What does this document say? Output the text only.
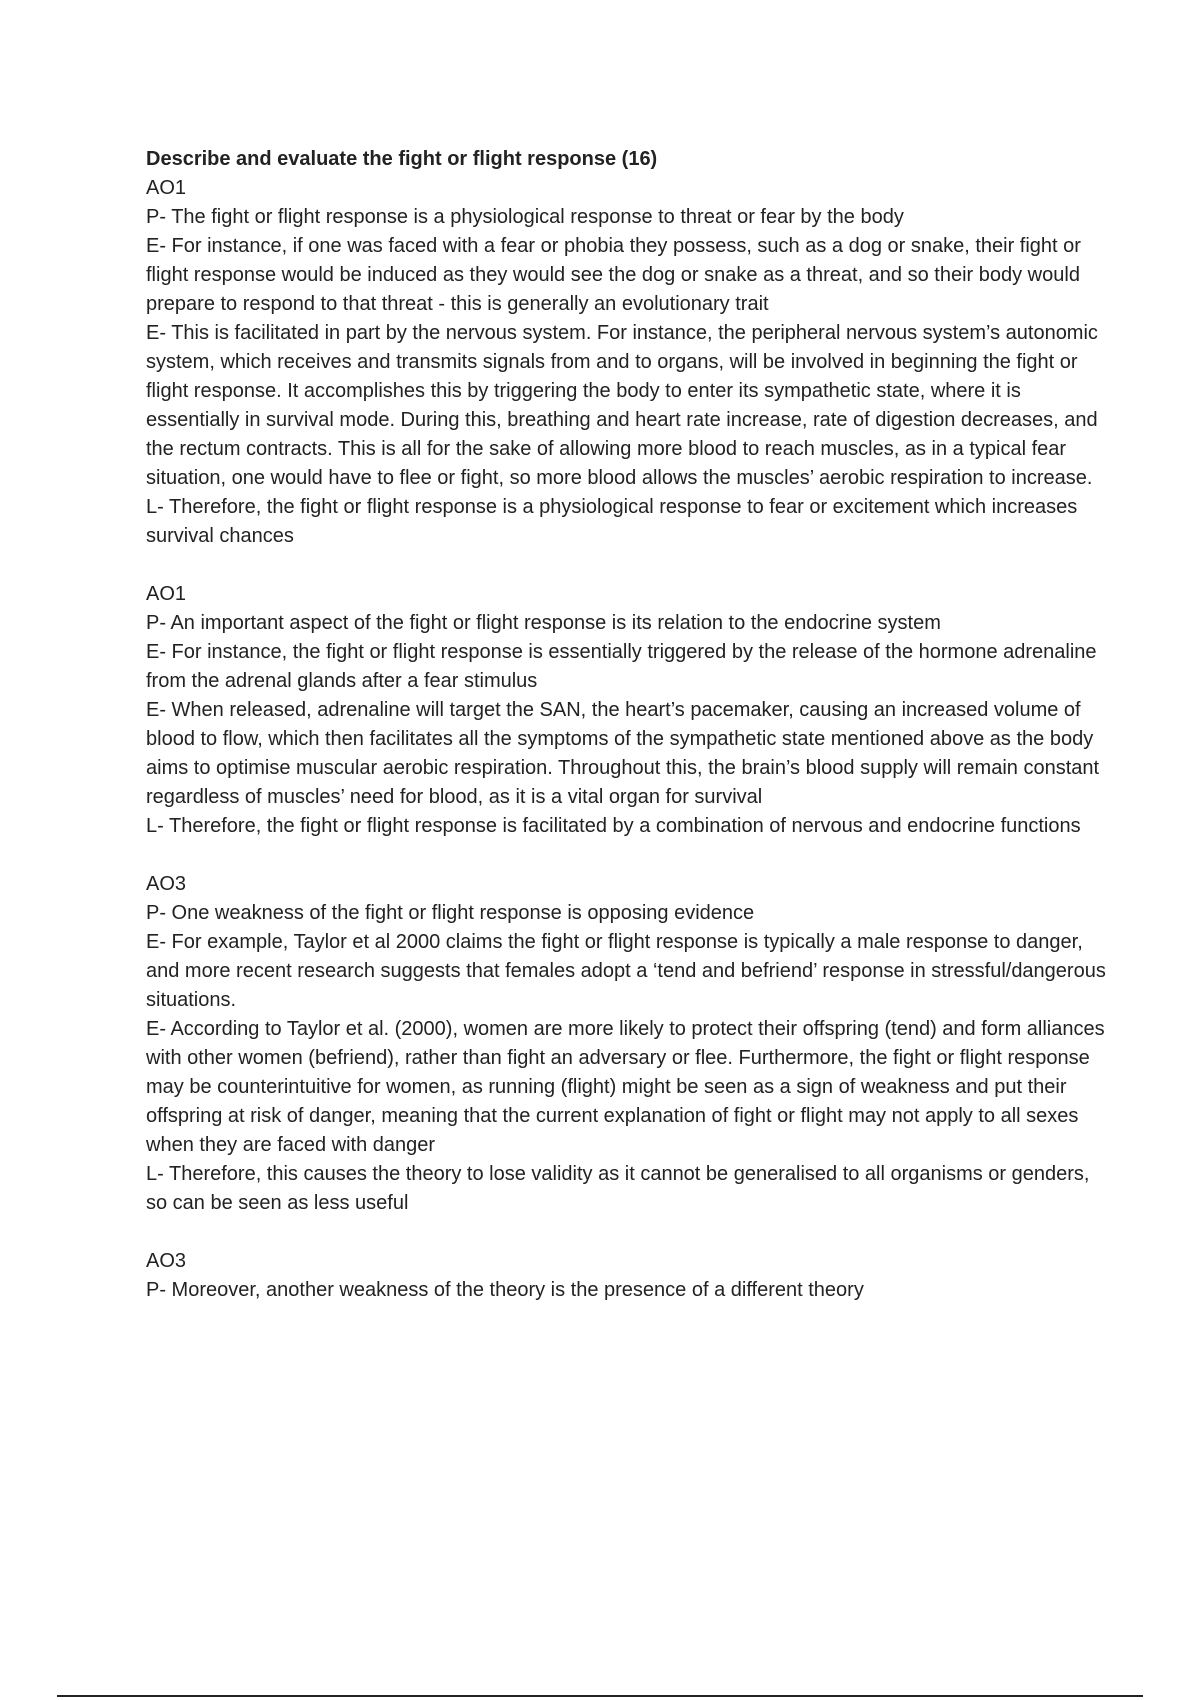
Describe and evaluate the fight or flight response (16)

AO1

P- The fight or flight response is a physiological response to threat or fear by the body

E- For instance, if one was faced with a fear or phobia they possess, such as a dog or snake, their fight or flight response would be induced as they would see the dog or snake as a threat, and so their body would prepare to respond to that threat - this is generally an evolutionary trait

E- This is facilitated in part by the nervous system. For instance, the peripheral nervous system’s autonomic system, which receives and transmits signals from and to organs, will be involved in beginning the fight or flight response. It accomplishes this by triggering the body to enter its sympathetic state, where it is essentially in survival mode. During this, breathing and heart rate increase, rate of digestion decreases, and the rectum contracts. This is all for the sake of allowing more blood to reach muscles, as in a typical fear situation, one would have to flee or fight, so more blood allows the muscles’ aerobic respiration to increase.

L- Therefore, the fight or flight response is a physiological response to fear or excitement which increases survival chances

AO1

P- An important aspect of the fight or flight response is its relation to the endocrine system

E- For instance, the fight or flight response is essentially triggered by the release of the hormone adrenaline from the adrenal glands after a fear stimulus

E- When released, adrenaline will target the SAN, the heart’s pacemaker, causing an increased volume of blood to flow, which then facilitates all the symptoms of the sympathetic state mentioned above as the body aims to optimise muscular aerobic respiration. Throughout this, the brain’s blood supply will remain constant regardless of muscles’ need for blood, as it is a vital organ for survival

L- Therefore, the fight or flight response is facilitated by a combination of nervous and endocrine functions

AO3

P- One weakness of the fight or flight response is opposing evidence

E- For example, Taylor et al 2000 claims the fight or flight response is typically a male response to danger, and more recent research suggests that females adopt a ‘tend and befriend’ response in stressful/dangerous situations.

E- According to Taylor et al. (2000), women are more likely to protect their offspring (tend) and form alliances with other women (befriend), rather than fight an adversary or flee. Furthermore, the fight or flight response may be counterintuitive for women, as running (flight) might be seen as a sign of weakness and put their offspring at risk of danger, meaning that the current explanation of fight or flight may not apply to all sexes when they are faced with danger

L- Therefore, this causes the theory to lose validity as it cannot be generalised to all organisms or genders, so can be seen as less useful

AO3

P- Moreover, another weakness of the theory is the presence of a different theory
